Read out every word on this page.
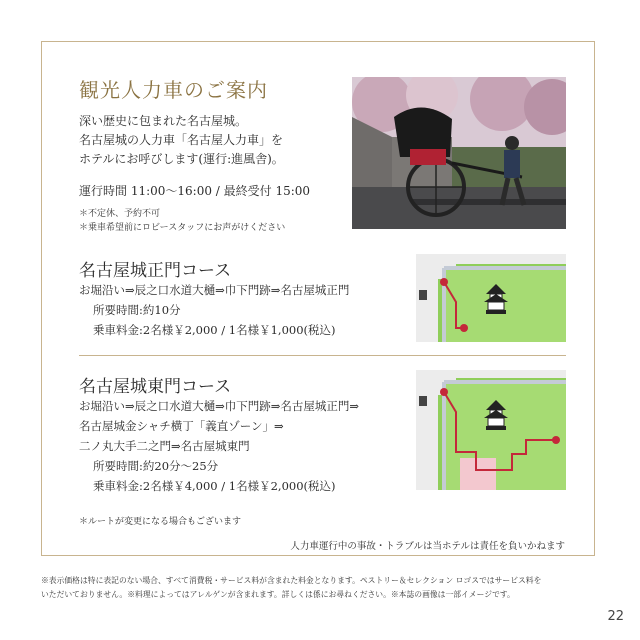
観光人力車のご案内
深い歴史に包まれた名古屋城。
名古屋城の人力車「名古屋人力車」を
ホテルにお呼びします(運行:進風舎)。
運行時間 11:00〜16:00 / 最終受付 15:00
＊不定休、予約不可
＊乗車希望前にロビースタッフにお声がけください
名古屋城正門コース
お堀沿い⇒辰之口水道大樋⇒巾下門跡⇒名古屋城正門
所要時間:約10分
乗車料金:2名様￥2,000 / 1名様￥1,000(税込)
名古屋城東門コース
お堀沿い⇒辰之口水道大樋⇒巾下門跡⇒名古屋城正門⇒
名古屋城金シャチ横丁「義直ゾーン」⇒
二ノ丸大手二之門⇒名古屋城東門
所要時間:約20分〜25分
乗車料金:2名様￥4,000 / 1名様￥2,000(税込)
＊ルートが変更になる場合もございます
人力車運行中の事故・トラブルは当ホテルは責任を負いかねます
※表示価格は特に表記のない場合、すべて消費税・サービス料が含まれた料金となります。ペストリー＆セレクション ロゴスではサービス料を
いただいておりません。※料理によってはアレルゲンが含まれます。詳しくは係にお尋ねください。※本誌の画像は一部イメージです。
22
